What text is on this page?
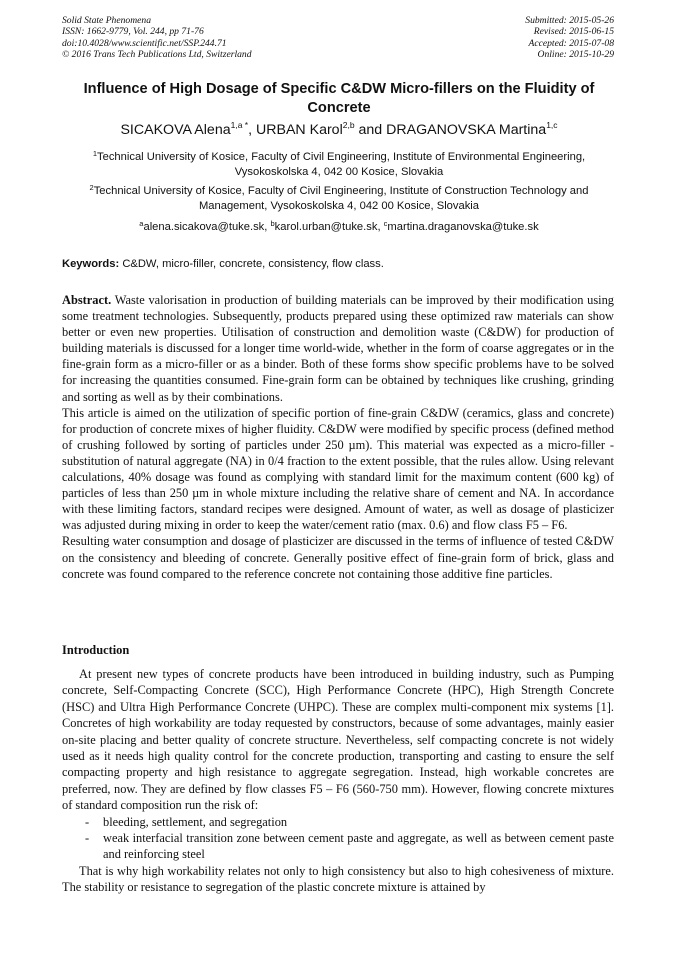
Solid State Phenomena
ISSN: 1662-9779, Vol. 244, pp 71-76
doi:10.4028/www.scientific.net/SSP.244.71
© 2016 Trans Tech Publications Ltd, Switzerland
Submitted: 2015-05-26
Revised: 2015-06-15
Accepted: 2015-07-08
Online: 2015-10-29
Influence of High Dosage of Specific C&DW Micro-fillers on the Fluidity of Concrete
SICAKOVA Alena$^{1,a *}$, URBAN Karol$^{2,b}$ and DRAGANOVSKA Martina$^{1,c}$
$^1$Technical University of Kosice, Faculty of Civil Engineering, Institute of Environmental Engineering, Vysokoskolska 4, 042 00 Kosice, Slovakia
$^2$Technical University of Kosice, Faculty of Civil Engineering, Institute of Construction Technology and Management, Vysokoskolska 4, 042 00 Kosice, Slovakia
$^a$alena.sicakova@tuke.sk, $^b$karol.urban@tuke.sk, $^c$martina.draganovska@tuke.sk
Keywords: C&DW, micro-filler, concrete, consistency, flow class.

Abstract. Waste valorisation in production of building materials can be improved by their modification using some treatment technologies. Subsequently, products prepared using these optimized raw materials can show better or even new properties. Utilisation of construction and demolition waste (C&DW) for production of building materials is discussed for a longer time world-wide, whether in the form of coarse aggregates or in the fine-grain form as a micro-filler or as a binder. Both of these forms show specific problems have to be solved for increasing the quantities consumed. Fine-grain form can be obtained by techniques like crushing, grinding and sorting as well as by their combinations.

This article is aimed on the utilization of specific portion of fine-grain C&DW (ceramics, glass and concrete) for production of concrete mixes of higher fluidity. C&DW were modified by specific process (defined method of crushing followed by sorting of particles under 250 µm). This material was expected as a micro-filler - substitution of natural aggregate (NA) in 0/4 fraction to the extent possible, that the rules allow. Using relevant calculations, 40% dosage was found as complying with standard limit for the maximum content (600 kg) of particles of less than 250 µm in whole mixture including the relative share of cement and NA. In accordance with these limiting factors, standard recipes were designed. Amount of water, as well as dosage of plasticizer was adjusted during mixing in order to keep the water/cement ratio (max. 0.6) and flow class F5 – F6.

Resulting water consumption and dosage of plasticizer are discussed in the terms of influence of tested C&DW on the consistency and bleeding of concrete. Generally positive effect of fine-grain form of brick, glass and concrete was found compared to the reference concrete not containing those additive fine particles.

Introduction

At present new types of concrete products have been introduced in building industry, such as Pumping concrete, Self-Compacting Concrete (SCC), High Performance Concrete (HPC), High Strength Concrete (HSC) and Ultra High Performance Concrete (UHPC). These are complex multi-component mix systems [1]. Concretes of high workability are today requested by constructors, because of some advantages, mainly easier on-site placing and better quality of concrete structure. Nevertheless, self compacting concrete is not widely used as it needs high quality control for the concrete production, transporting and casting to ensure the self compacting property and high resistance to aggregate segregation. Instead, high workable concretes are preferred, now. They are defined by flow classes F5 – F6 (560-750 mm). However, flowing concrete mixtures of standard composition run the risk of:

- bleeding, settlement, and segregation
- weak interfacial transition zone between cement paste and aggregate, as well as between cement paste and reinforcing steel

That is why high workability relates not only to high consistency but also to high cohesiveness of mixture. The stability or resistance to segregation of the plastic concrete mixture is attained by
